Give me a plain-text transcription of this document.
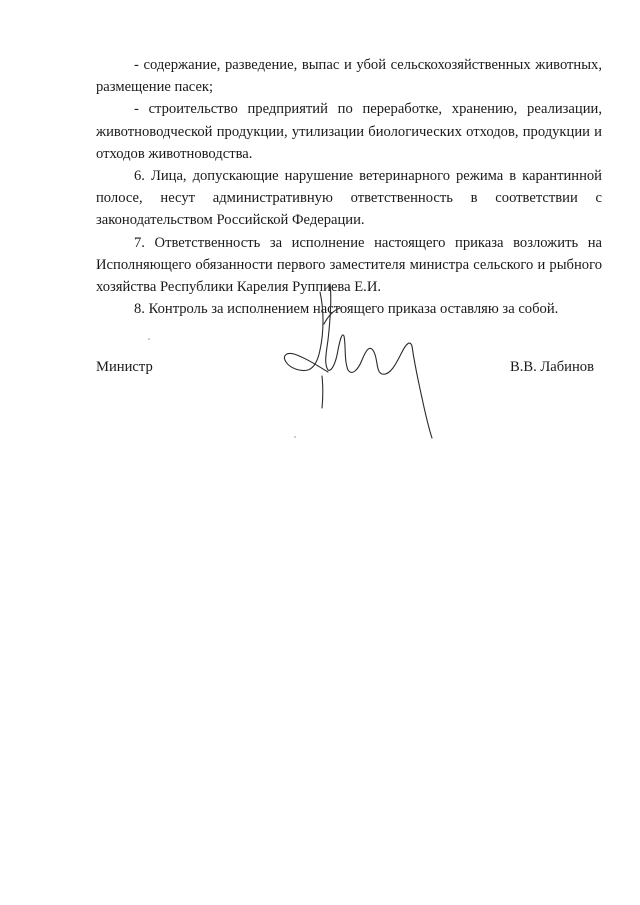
- содержание, разведение, выпас и убой сельскохозяйственных животных, размещение пасек;

- строительство предприятий по переработке, хранению, реализации, животноводческой продукции, утилизации биологических отходов, продукции и отходов животноводства.

6. Лица, допускающие нарушение ветеринарного режима в карантинной полосе, несут административную ответственность в соответствии с законодательством Российской Федерации.

7. Ответственность за исполнение настоящего приказа возложить на Исполняющего обязанности первого заместителя министра сельского и рыбного хозяйства Республики Карелия Руппиева Е.И.

8. Контроль за исполнением настоящего приказа оставляю за собой.

Министр	В.В. Лабинов
